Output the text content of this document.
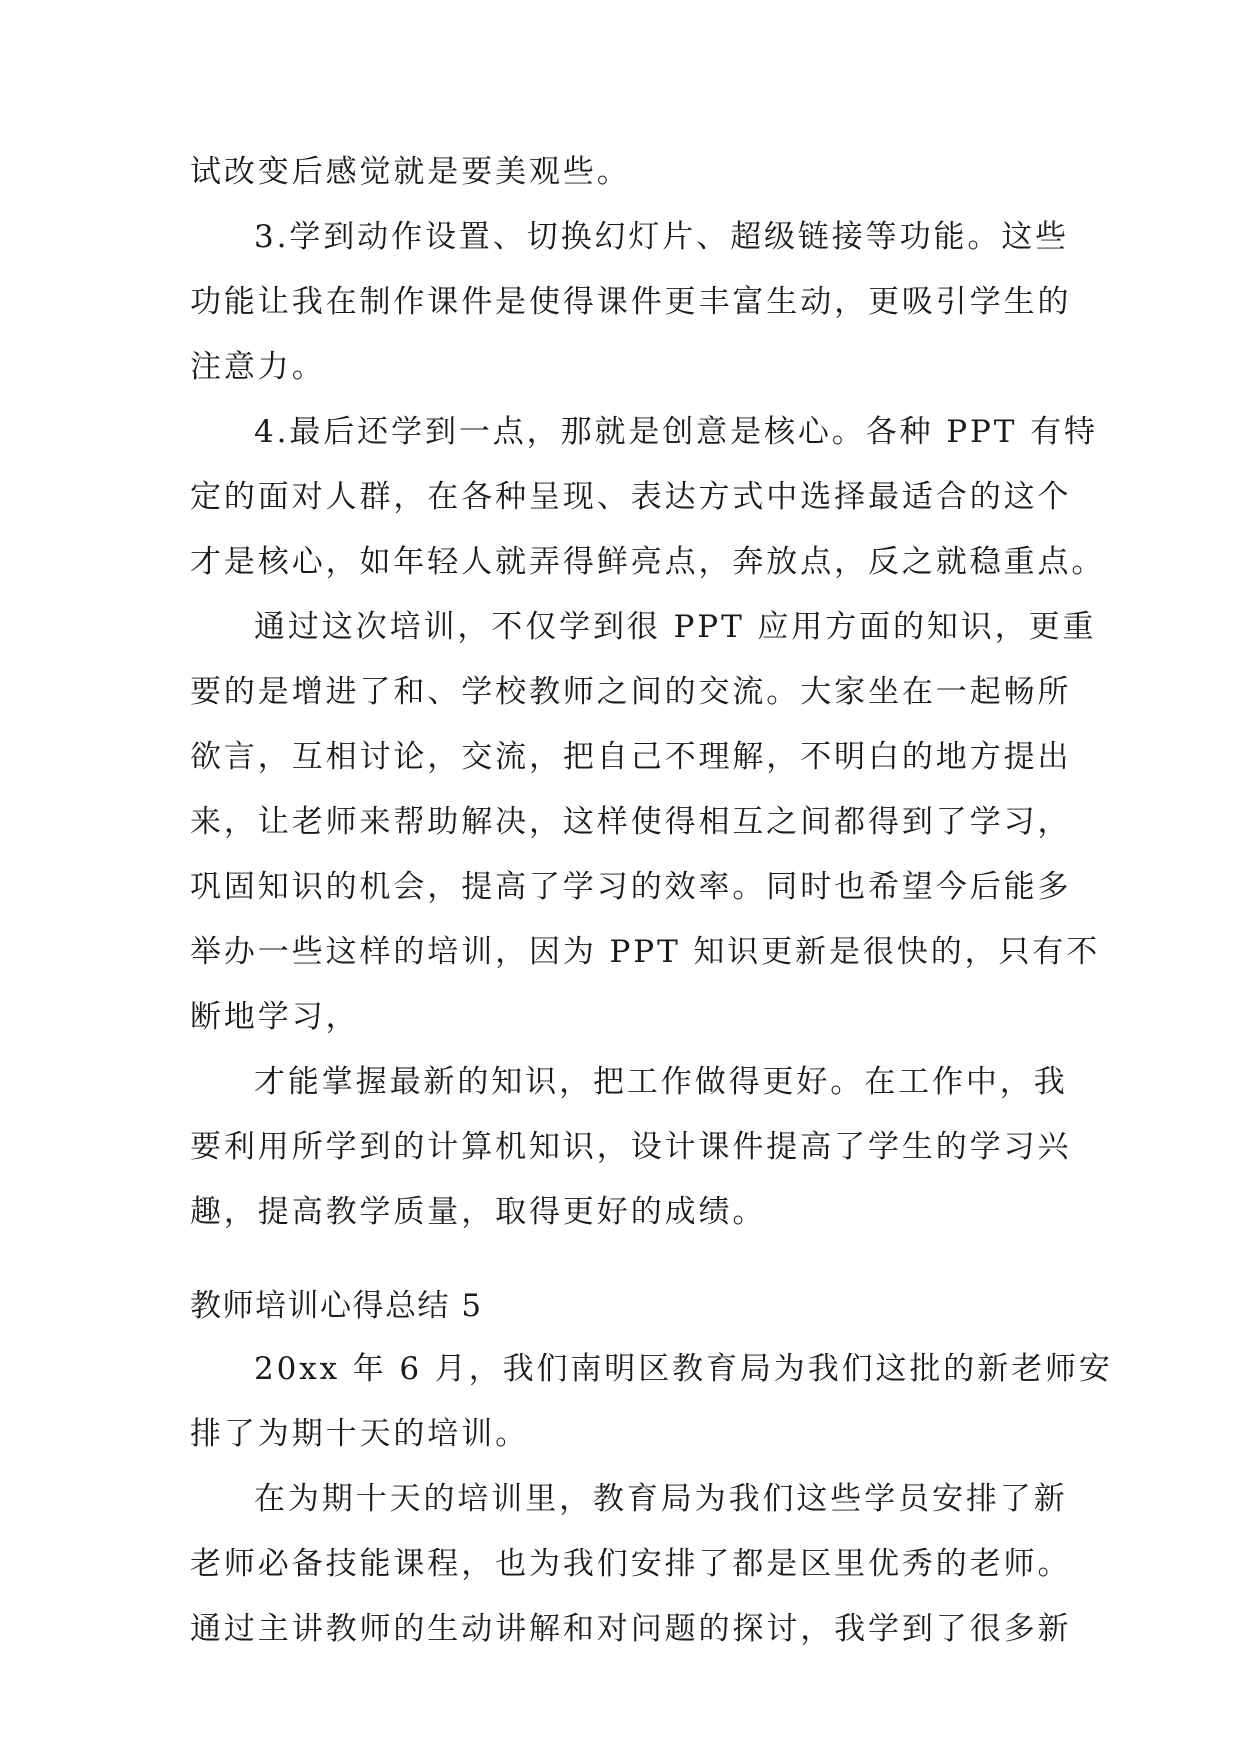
试改变后感觉就是要美观些。
3.学到动作设置、切换幻灯片、超级链接等功能。这些
功能让我在制作课件是使得课件更丰富生动，更吸引学生的
注意力。
4.最后还学到一点，那就是创意是核心。各种 PPT 有特
定的面对人群，在各种呈现、表达方式中选择最适合的这个
才是核心，如年轻人就弄得鲜亮点，奔放点，反之就稳重点。
通过这次培训，不仅学到很 PPT 应用方面的知识，更重
要的是增进了和、学校教师之间的交流。大家坐在一起畅所
欲言，互相讨论，交流，把自己不理解，不明白的地方提出
来，让老师来帮助解决，这样使得相互之间都得到了学习，
巩固知识的机会，提高了学习的效率。同时也希望今后能多
举办一些这样的培训，因为 PPT 知识更新是很快的，只有不
断地学习，
才能掌握最新的知识，把工作做得更好。在工作中，我
要利用所学到的计算机知识，设计课件提高了学生的学习兴
趣，提高教学质量，取得更好的成绩。
教师培训心得总结 5
20xx 年 6 月，我们南明区教育局为我们这批的新老师安
排了为期十天的培训。
在为期十天的培训里，教育局为我们这些学员安排了新
老师必备技能课程，也为我们安排了都是区里优秀的老师。
通过主讲教师的生动讲解和对问题的探讨，我学到了很多新
